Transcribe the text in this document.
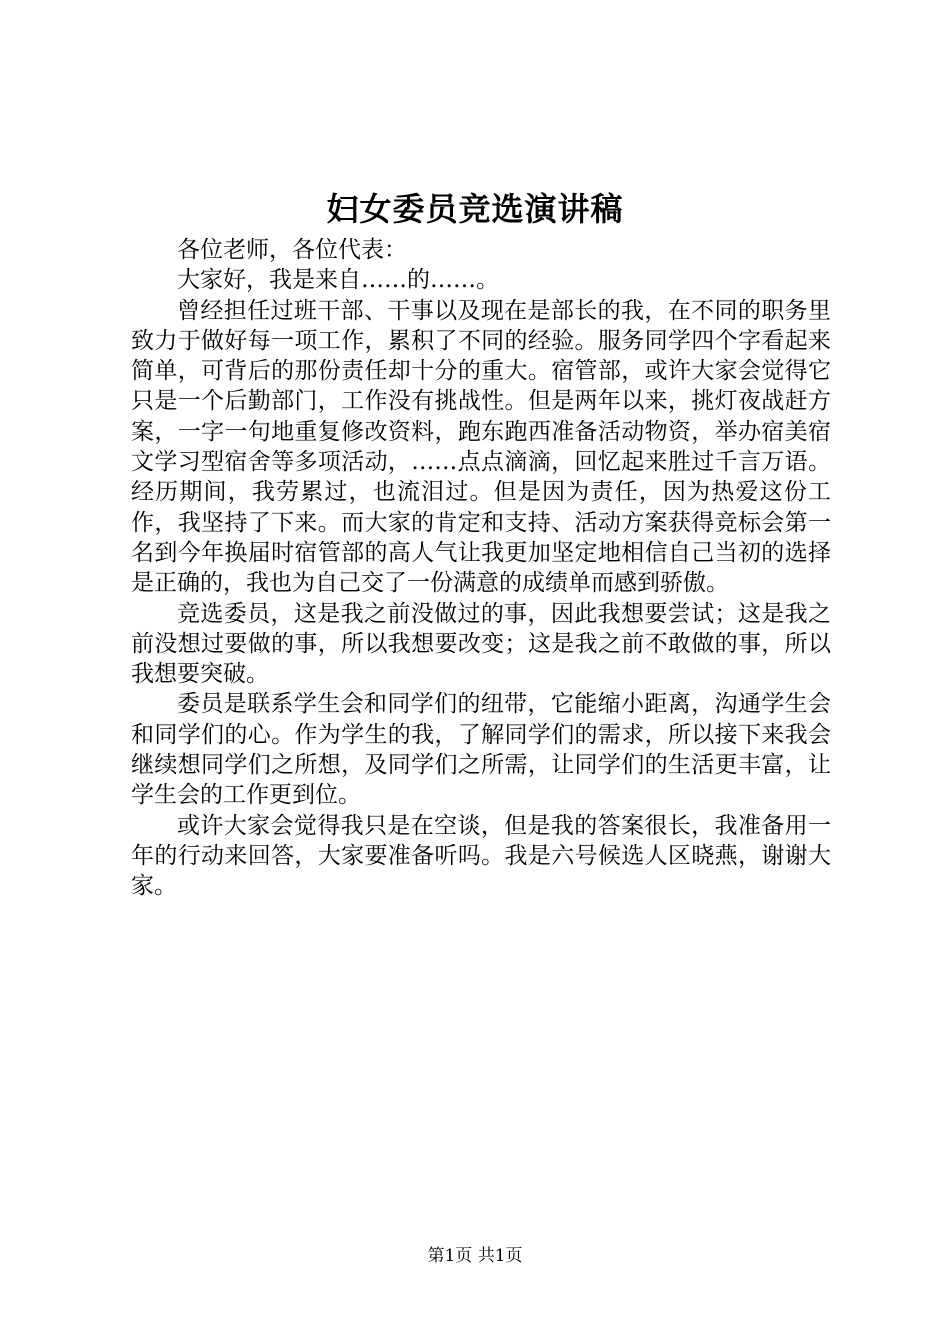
妇女委员竞选演讲稿

各位老师，各位代表：

大家好，我是来自……的……。

曾经担任过班干部、干事以及现在是部长的我，在不同的职务里致力于做好每一项工作，累积了不同的经验。服务同学四个字看起来简单，可背后的那份责任却十分的重大。宿管部，或许大家会觉得它只是一个后勤部门，工作没有挑战性。但是两年以来，挑灯夜战赶方案，一字一句地重复修改资料，跑东跑西准备活动物资，举办宿美宿文学习型宿舍等多项活动，……点点滴滴，回忆起来胜过千言万语。经历期间，我劳累过，也流泪过。但是因为责任，因为热爱这份工作，我坚持了下来。而大家的肯定和支持、活动方案获得竞标会第一名到今年换届时宿管部的高人气让我更加坚定地相信自己当初的选择是正确的，我也为自己交了一份满意的成绩单而感到骄傲。

竞选委员，这是我之前没做过的事，因此我想要尝试；这是我之前没想过要做的事，所以我想要改变；这是我之前不敢做的事，所以我想要突破。

委员是联系学生会和同学们的纽带，它能缩小距离，沟通学生会和同学们的心。作为学生的我，了解同学们的需求，所以接下来我会继续想同学们之所想，及同学们之所需，让同学们的生活更丰富，让学生会的工作更到位。

或许大家会觉得我只是在空谈，但是我的答案很长，我准备用一年的行动来回答，大家要准备听吗。我是六号候选人区晓燕，谢谢大家。

第1页 共1页
